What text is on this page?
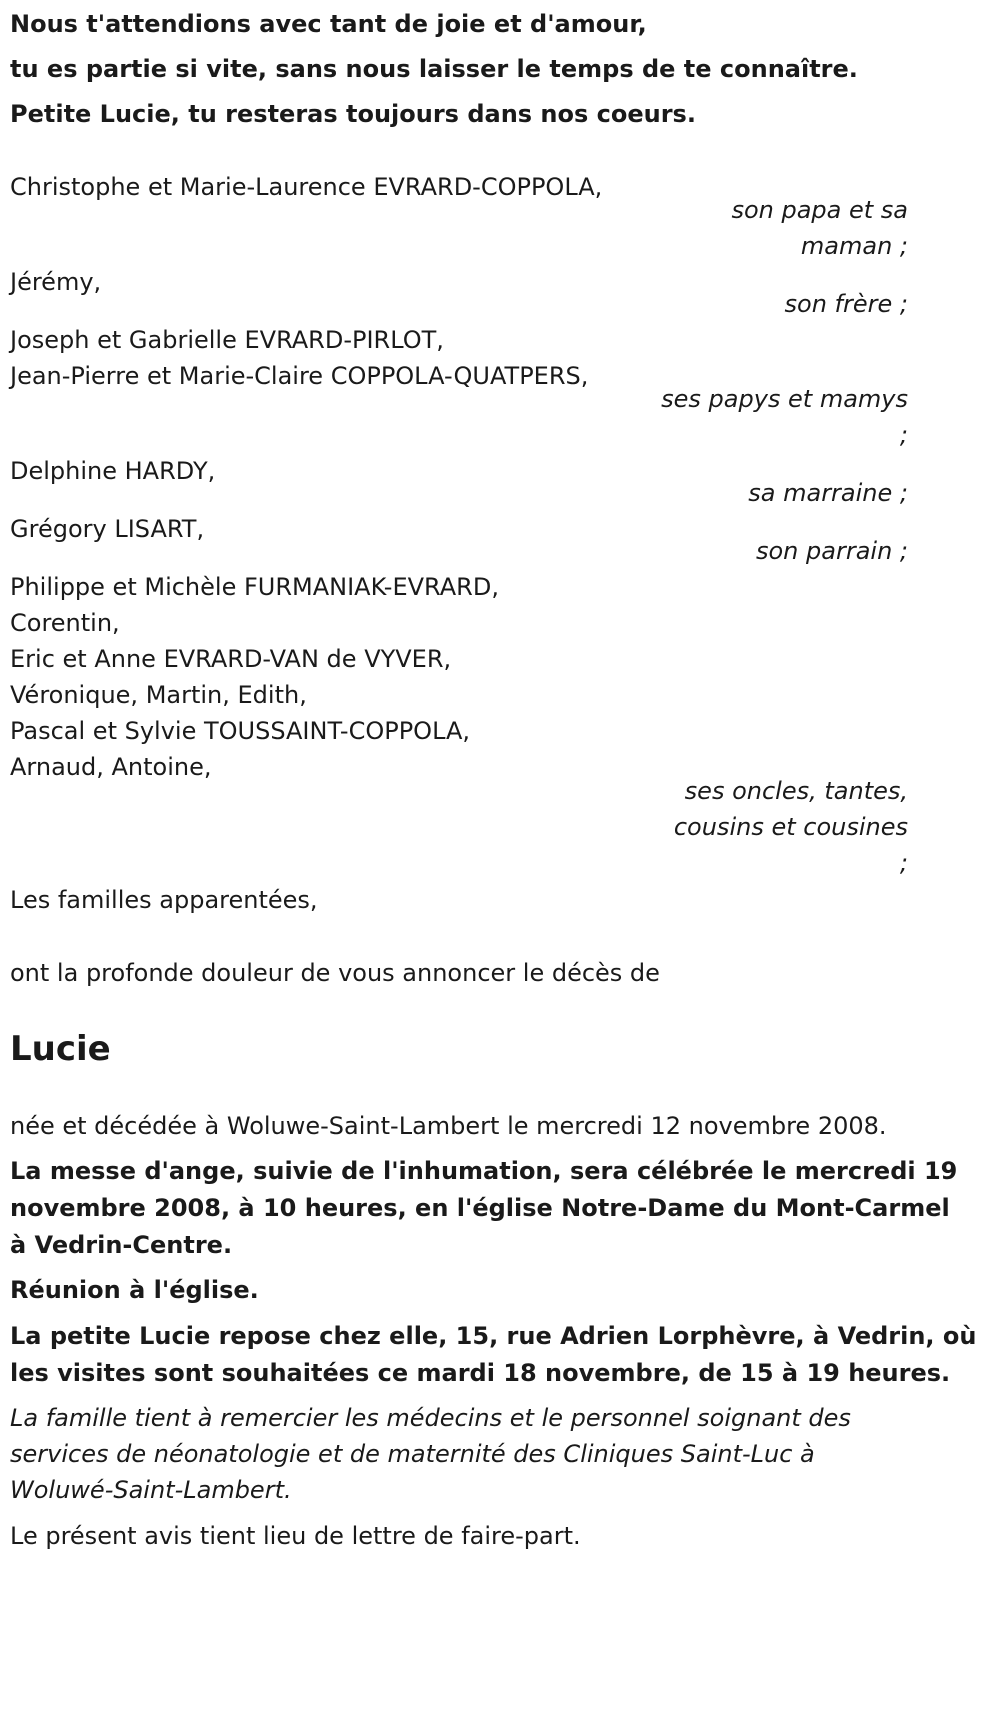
Nous t'attendions avec tant de joie et d'amour,

tu es partie si vite, sans nous laisser le temps de te connaître.

Petite Lucie, tu resteras toujours dans nos coeurs.

Christophe et Marie-Laurence EVRARD-COPPOLA,

son papa et sa

maman ;

Jérémy,

son frère ;

Joseph et Gabrielle EVRARD-PIRLOT,

Jean-Pierre et Marie-Claire COPPOLA-QUATPERS,

ses papys et mamys

;

Delphine HARDY,

sa marraine ;

Grégory LISART,

son parrain ;

Philippe et Michèle FURMANIAK-EVRARD,

Corentin,

Eric et Anne EVRARD-VAN de VYVER,

Véronique, Martin, Edith,

Pascal et Sylvie TOUSSAINT-COPPOLA,

Arnaud, Antoine,

ses oncles, tantes,

cousins et cousines

;

Les familles apparentées,

ont la profonde douleur de vous annoncer le décès de

Lucie

née et décédée à Woluwe-Saint-Lambert le mercredi 12 novembre 2008.

La messe d'ange, suivie de l'inhumation, sera célébrée le mercredi 19

novembre 2008, à 10 heures, en l'église Notre-Dame du Mont-Carmel

à Vedrin-Centre.

Réunion à l'église.

La petite Lucie repose chez elle, 15, rue Adrien Lorphèvre, à Vedrin, où

les visites sont souhaitées ce mardi 18 novembre, de 15 à 19 heures.

La famille tient à remercier les médecins et le personnel soignant des

services de néonatologie et de maternité des Cliniques Saint-Luc à

Woluwé-Saint-Lambert.

Le présent avis tient lieu de lettre de faire-part.
